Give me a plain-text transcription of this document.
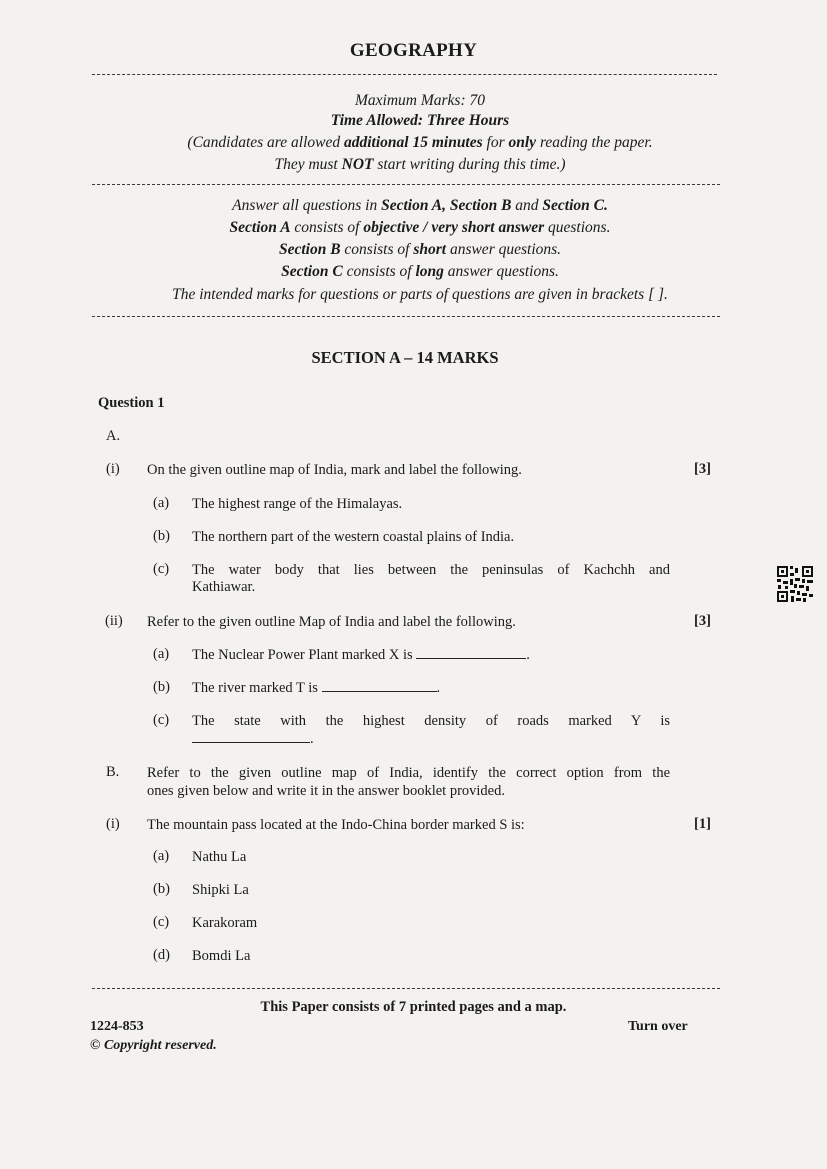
GEOGRAPHY
Maximum Marks: 70
Time Allowed: Three Hours
(Candidates are allowed additional 15 minutes for only reading the paper.
They must NOT start writing during this time.)
Answer all questions in Section A, Section B and Section C.
Section A consists of objective / very short answer questions.
Section B consists of short answer questions.
Section C consists of long answer questions.
The intended marks for questions or parts of questions are given in brackets [ ].
SECTION A – 14 MARKS
Question 1
A.
(i) On the given outline map of India, mark and label the following.	[3]
(a) The highest range of the Himalayas.
(b) The northern part of the western coastal plains of India.
(c) The water body that lies between the peninsulas of Kachchh and
Kathiawar.
(ii) Refer to the given outline Map of India and label the following.	[3]
(a) The Nuclear Power Plant marked X is	.
(b) The river marked T is	.
(c) The state with the highest density of roads marked Y is
.
B. Refer to the given outline map of India, identify the correct option from the
ones given below and write it in the answer booklet provided.
(i) The mountain pass located at the Indo-China border marked S is:	[1]
(a) Nathu La
(b) Shipki La
(c) Karakoram
(d) Bomdi La
This Paper consists of 7 printed pages and a map.
1224-853
© Copyright reserved.
Turn over
